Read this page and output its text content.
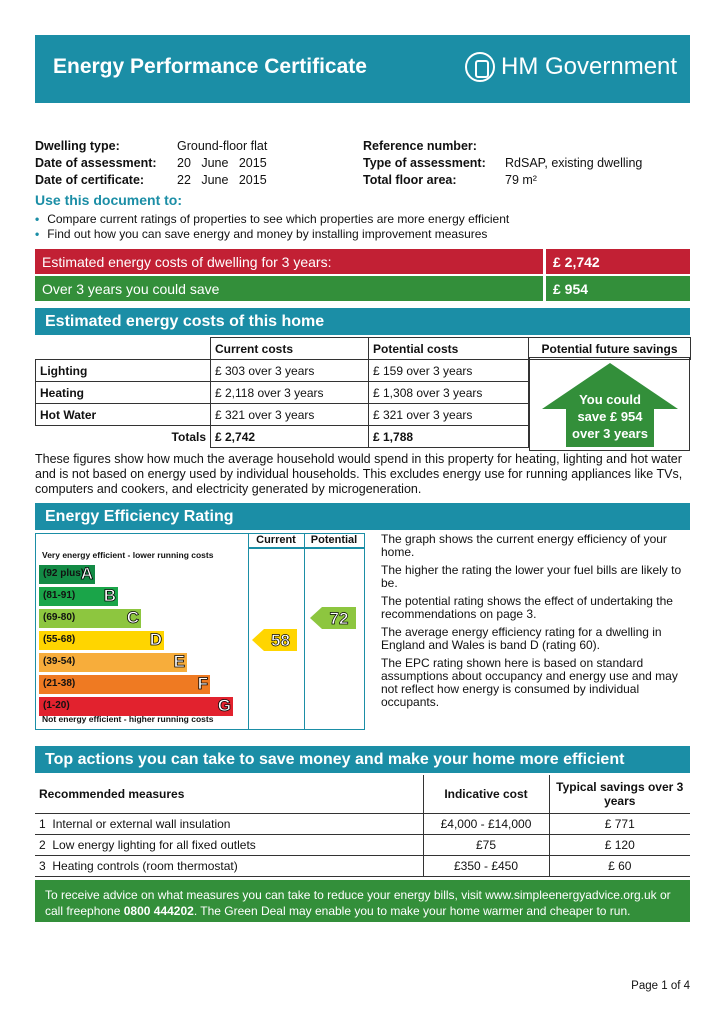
Energy Performance Certificate	HM Government
Dwelling type:	Ground-floor flat
Date of assessment: 20   June   2015
Date of certificate:	22   June   2015
Reference number:
Type of assessment: RdSAP, existing dwelling
Total floor area:	79 m²
Use this document to:
• Compare current ratings of properties to see which properties are more energy efficient
• Find out how you can save energy and money by installing improvement measures
Estimated energy costs of dwelling for 3 years:	£ 2,742
Over 3 years you could save	£ 954
Estimated energy costs of this home
	Current costs	Potential costs	Potential future savings
Lighting	£ 303 over 3 years	£ 159 over 3 years	
Heating	£ 2,118 over 3 years	£ 1,308 over 3 years	
Hot Water	£ 321 over 3 years	£ 321 over 3 years	
Totals	£ 2,742	£ 1,788	
You could
save £ 954
over 3 years
These figures show how much the average household would spend in this property for heating, lighting and hot water and is not based on energy used by individual households. This excludes energy use for running appliances like TVs, computers and cookers, and electricity generated by microgeneration.
Energy Efficiency Rating
Current	Potential
Very energy efficient - lower running costs
(92 plus)
A
(81-91) B
(69-80)	C
(55-68)	D
(39-54)	E
(21-38)	F
(1-20)	G
Not energy efficient - higher running costs
58
72

The graph shows the current energy efficiency of your home.

The higher the rating the lower your fuel bills are likely to be.

The potential rating shows the effect of undertaking the recommendations on page 3.

The average energy efficiency rating for a dwelling in England and Wales is band D (rating 60).

The EPC rating shown here is based on standard assumptions about occupancy and energy use and may not reflect how energy is consumed by individual occupants.

Top actions you can take to save money and make your home more efficient
Recommended measures	Indicative cost	Typical savings over 3 years
1 Internal or external wall insulation	£4,000 - £14,000	£ 771
2 Low energy lighting for all fixed outlets	£75	£ 120
3 Heating controls (room thermostat)	£350 - £450	£ 60
To receive advice on what measures you can take to reduce your energy bills, visit www.simpleenergyadvice.org.uk or
call freephone 0800 444202. The Green Deal may enable you to make your home warmer and cheaper to run.
Page 1 of 4
